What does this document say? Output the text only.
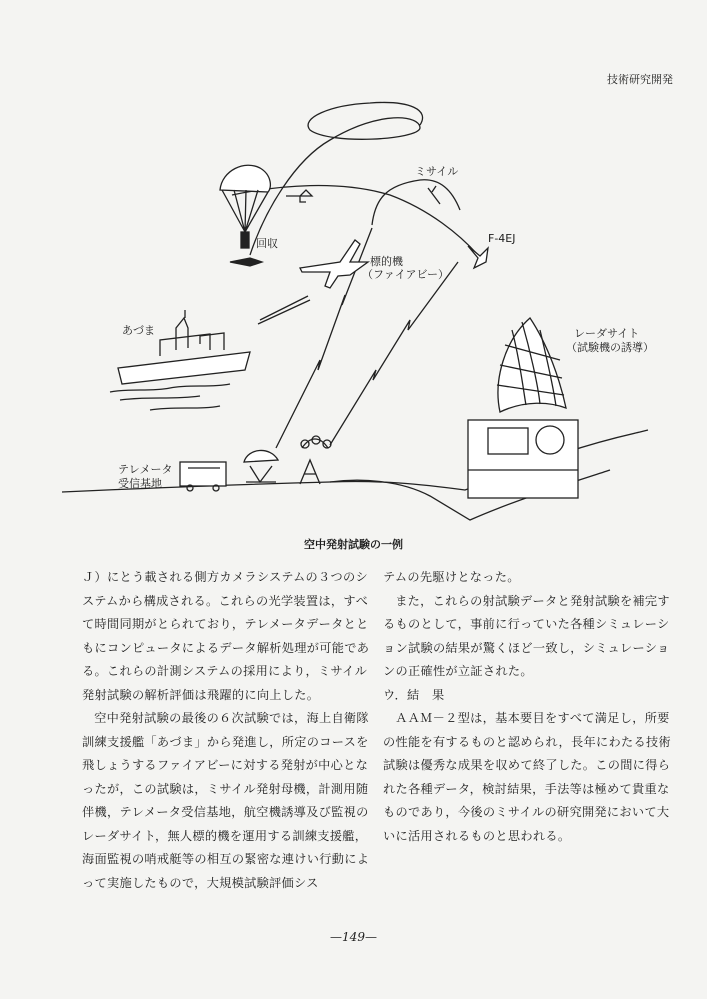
技術研究開発
ミサイル
回収	F-4EJ
標的機
（ファイアビー）
あづま	レーダサイト
（試験機の誘導）
テレメータ
受信基地
空中発射試験の一例

Ｊ）にとう載される側方カメラシステムの３つのシステムから構成される。これらの光学装置は，すべて時間同期がとられており，テレメータデータとともにコンピュータによるデータ解析処理が可能である。これらの計測システムの採用により，ミサイル発射試験の解析評価は飛躍的に向上した。

空中発射試験の最後の６次試験では，海上自衛隊訓練支援艦「あづま」から発進し，所定のコースを飛しょうするファイアビーに対する発射が中心となったが，この試験は，ミサイル発射母機，計測用随伴機，テレメータ受信基地，航空機誘導及び監視のレーダサイト，無人標的機を運用する訓練支援艦，海面監視の哨戒艇等の相互の緊密な連けい行動によって実施したもので，大規模試験評価シス

テムの先駆けとなった。

また，これらの射試験データと発射試験を補完するものとして，事前に行っていた各種シミュレーション試験の結果が驚くほど一致し，シミュレーションの正確性が立証された。

ウ．結　果

ＡＡＭ－２型は，基本要目をすべて満足し，所要の性能を有するものと認められ，長年にわたる技術試験は優秀な成果を収めて終了した。この間に得られた各種データ，検討結果，手法等は極めて貴重なものであり，今後のミサイルの研究開発において大いに活用されるものと思われる。

—149—
